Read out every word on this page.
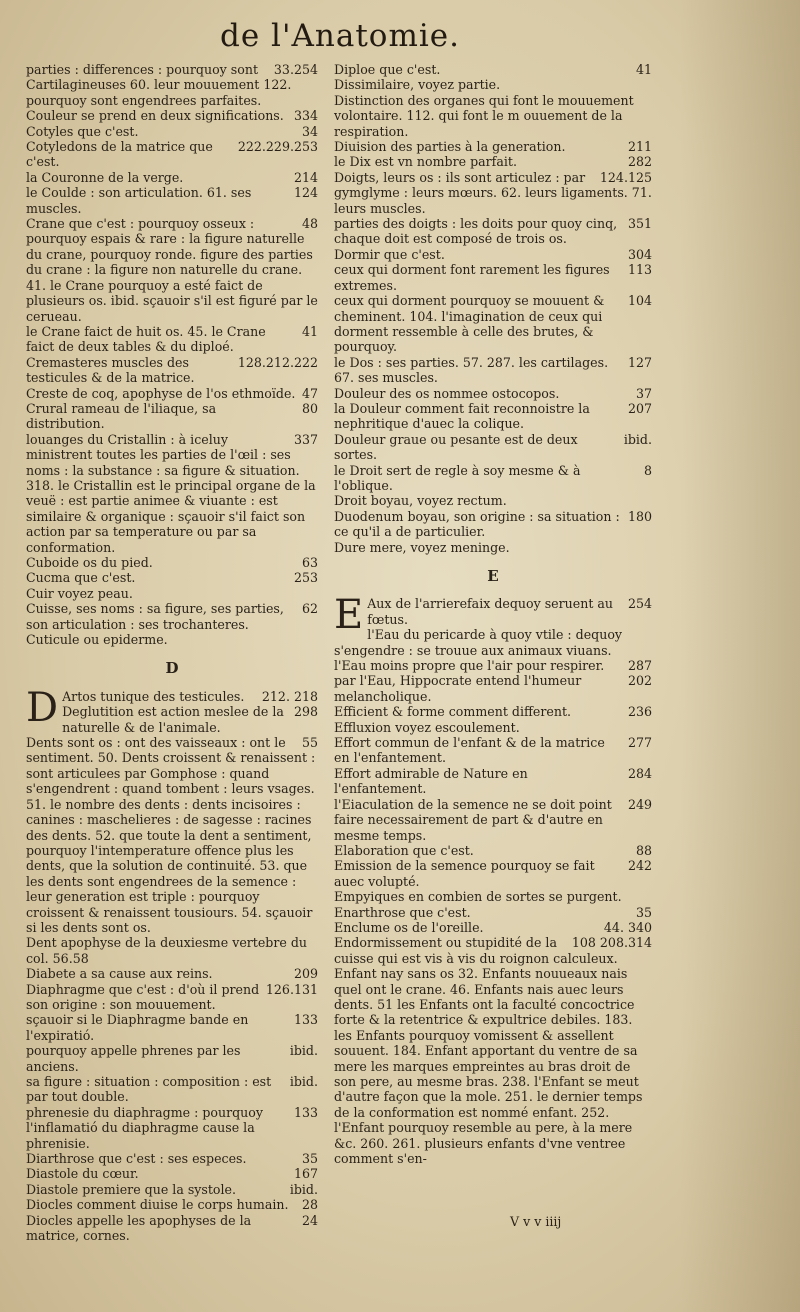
de l'Anatomie.

33.254
parties : differences : pourquoy sont Cartilagineuses 60. leur mouuement 122. pourquoy sont engendrees parfaites.

334
Couleur se prend en deux significations.

34
Cotyles que c'est.

222.229.253
Cotyledons de la matrice que c'est.

214
la Couronne de la verge.

124
le Coulde : son articulation. 61. ses muscles.

48
Crane que c'est : pourquoy osseux : pourquoy espais & rare : la figure naturelle du crane, pourquoy ronde. figure des parties du crane : la figure non naturelle du crane. 41. le Crane pourquoy a esté faict de plusieurs os. ibid. sçauoir s'il est figuré par le cerueau.

41
le Crane faict de huit os. 45. le Crane faict de deux tables & du diploé.

128.212.222
Cremasteres muscles des testicules & de la matrice.

47
Creste de coq, apophyse de l'os ethmoïde.

80
Crural rameau de l'iliaque, sa distribution.

337
louanges du Cristallin : à iceluy ministrent toutes les parties de l'œil : ses noms : la substance : sa figure & situation. 318. le Cristallin est le principal organe de la veuë : est partie animee & viuante : est similaire & organique : sçauoir s'il faict son action par sa temperature ou par sa conformation.

63
Cuboide os du pied.

253
Cucma que c'est.

Cuir voyez peau.

62
Cuisse, ses noms : sa figure, ses parties, son articulation : ses trochanteres.

Cuticule ou epiderme.

D

D	212. 218
Artos tunique des testicules.

298
Deglutition est action meslee de la naturelle & de l'animale.

55
Dents sont os : ont des vaisseaux : ont le sentiment. 50. Dents croissent & renaissent : sont articulees par Gomphose : quand s'engendrent : quand tombent : leurs vsages. 51. le nombre des dents : dents incisoires : canines : maschelieres : de sagesse : racines des dents. 52. que toute la dent a sentiment, pourquoy l'intemperature offence plus les dents, que la solution de continuité. 53. que les dents sont engendrees de la semence : leur generation est triple : pourquoy croissent & renaissent tousiours. 54. sçauoir si les dents sont os.

Dent apophyse de la deuxiesme vertebre du col. 56.58

209
Diabete a sa cause aux reins.

126.131
Diaphragme que c'est : d'où il prend son origine : son mouuement.

133
sçauoir si le Diaphragme bande en l'expiratió.

ibid.
pourquoy appelle phrenes par les anciens.

ibid.
sa figure : situation : composition : est par tout double.

133
phrenesie du diaphragme : pourquoy l'inflamatió du diaphragme cause la phrenisie.

35
Diarthrose que c'est : ses especes.

167
Diastole du cœur.

ibid.
Diastole premiere que la systole.

28
Diocles comment diuise le corps humain.

24
Diocles appelle les apophyses de la matrice, cornes.

41
Diploe que c'est.

Dissimilaire, voyez partie.

Distinction des organes qui font le mouuement volontaire. 112. qui font le m ouuement de la respiration.

211
Diuision des parties à la generation.

282
le Dix est vn nombre parfait.

124.125
Doigts, leurs os : ils sont articulez : par gymglyme : leurs mœurs. 62. leurs ligaments. 71. leurs muscles.

351
parties des doigts : les doits pour quoy cinq, chaque doit est composé de trois os.

304
Dormir que c'est.

113
ceux qui dorment font rarement les figures extremes.

104
ceux qui dorment pourquoy se mouuent & cheminent. 104. l'imagination de ceux qui dorment ressemble à celle des brutes, & pourquoy.

127
le Dos : ses parties. 57. 287. les cartilages. 67. ses muscles.

37
Douleur des os nommee ostocopos.

207
la Douleur comment fait reconnoistre la nephritique d'auec la colique.

ibid.
Douleur graue ou pesante est de deux sortes.

8
le Droit sert de regle à soy mesme & à l'oblique.

Droit boyau, voyez rectum.

180
Duodenum boyau, son origine : sa situation : ce qu'il a de particulier.

Dure mere, voyez meninge.

E

E	254
Aux de l'arrierefaix dequoy seruent au fœtus.

l'Eau du pericarde à quoy vtile : dequoy s'engendre : se trouue aux animaux viuans.

287
l'Eau moins propre que l'air pour respirer.

202
par l'Eau, Hippocrate entend l'humeur melancholique.

236
Efficient & forme comment different.

Effluxion voyez escoulement.

277
Effort commun de l'enfant & de la matrice en l'enfantement.

284
Effort admirable de Nature en l'enfantement.

249
l'Eiaculation de la semence ne se doit point faire necessairement de part & d'autre en mesme temps.

88
Elaboration que c'est.

242
Emission de la semence pourquoy se fait auec volupté.

Empyiques en combien de sortes se purgent.

35
Enarthrose que c'est.

44. 340
Enclume os de l'oreille.

108 208.314
Endormissement ou stupidité de la cuisse qui est vis à vis du roignon calculeux.

Enfant nay sans os 32. Enfants nouueaux nais quel ont le crane. 46. Enfants nais auec leurs dents. 51 les Enfants ont la faculté concoctrice forte & la retentrice & expultrice debiles. 183. les Enfants pourquoy vomissent & assellent souuent. 184. Enfant apportant du ventre de sa mere les marques empreintes au bras droit de son pere, au mesme bras. 238. l'Enfant se meut d'autre façon que la mole. 251. le dernier temps de la conformation est nommé enfant. 252. l'Enfant pourquoy resemble au pere, à la mere &c. 260. 261. plusieurs enfants d'vne ventree comment s'en-

V v v iiij
